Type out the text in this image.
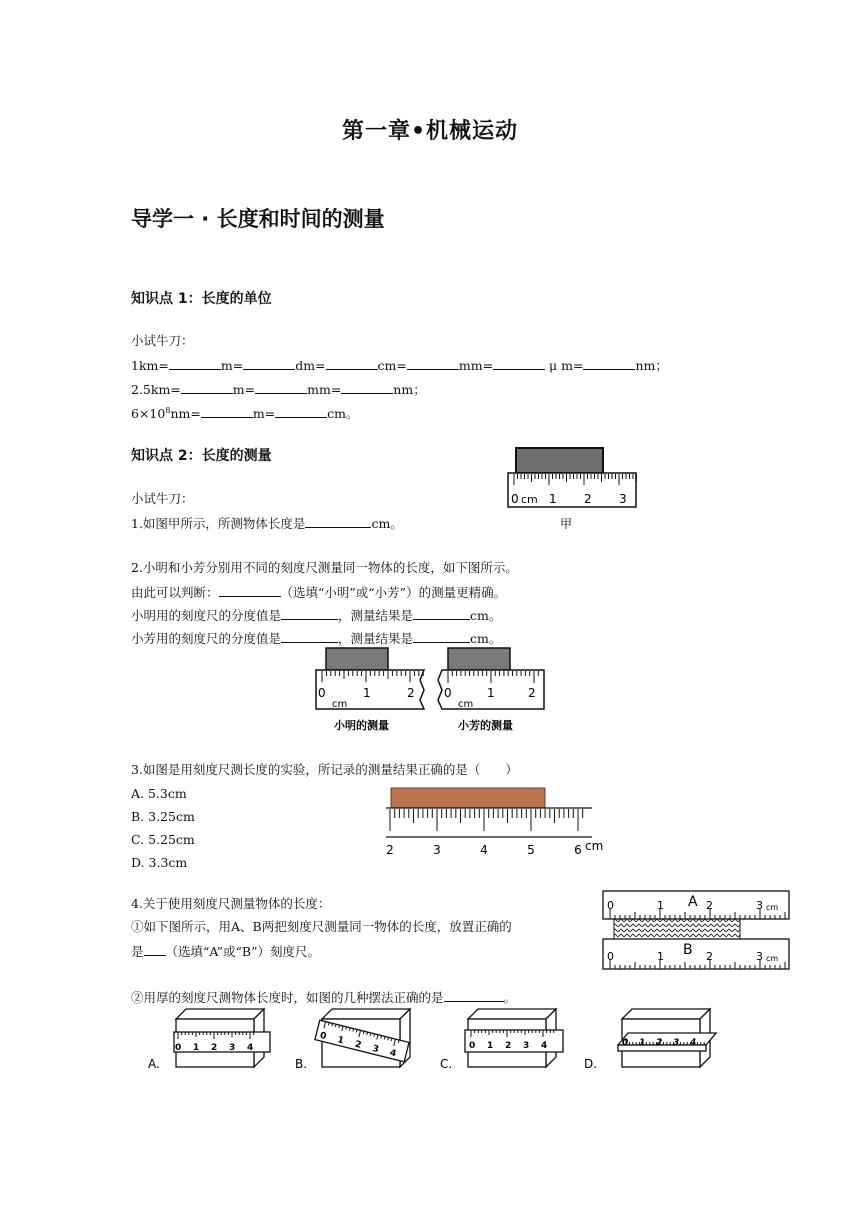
第一章•机械运动
导学一 · 长度和时间的测量
知识点 1：长度的单位
小试牛刀：
1km=	m=	dm=	cm=	mm=	μ m=	nm；
2.5km=	m=	mm=	nm；
$6\times 10^8nm=$	m=	cm。
知识点 2：长度的测量
小试牛刀：
1.如图甲所示，所测物体长度是	cm。
0 cm 1 2 3
甲
2.小明和小芳分别用不同的刻度尺测量同一物体的长度，如下图所示。
由此可以判断：	（选填“小明”或“小芳”）的测量更精确。
小明用的刻度尺的分度值是	，测量结果是	cm。
小芳用的刻度尺的分度值是	，测量结果是	cm。
0	1	2
cm
小明的测量
0	1	2
cm
小芳的测量
3.如图是用刻度尺测长度的实验，所记录的测量结果正确的是（　　）
A. 5.3cm
B. 3.25cm
C. 5.25cm
D. 3.3cm
2	3	4	5	6 cm
4.关于使用刻度尺测量物体的长度：
①如下图所示，用A、B两把刻度尺测量同一物体的长度，放置正确的
是 （选填“A”或“B”）刻度尺。
0	1	2	3 cm
A
0	1	2	3 cm
B
②用厚的刻度尺测物体长度时，如图的几种摆法正确的是	。
0 1 2 3 4
A.
0 1 2 3 4
B.
0 1 2 3 4
C.
0 1 2 3 4
D.
